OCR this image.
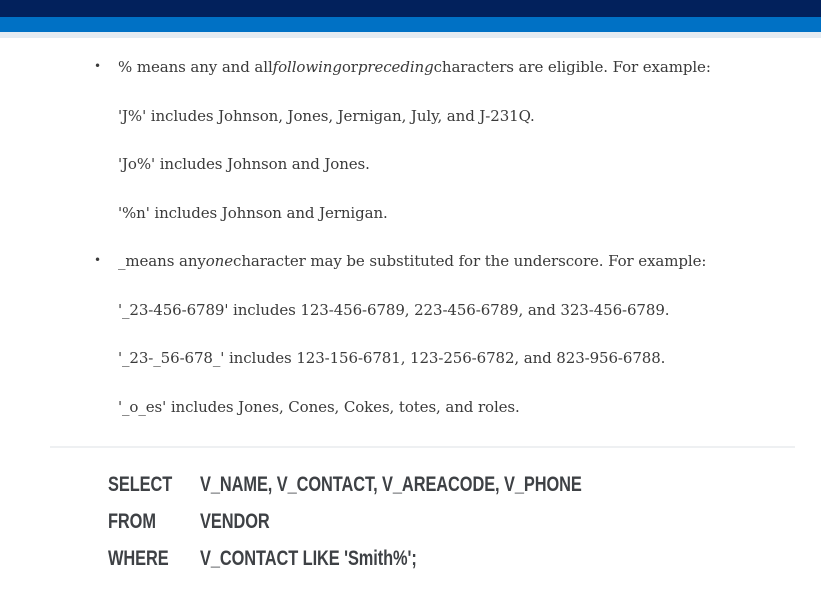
• % means any and all following or preceding characters are eligible. For example:
'J%' includes Johnson, Jones, Jernigan, July, and J-231Q.
'Jo%' includes Johnson and Jones.
'%n' includes Johnson and Jernigan.
• _means any one character may be substituted for the underscore. For example:
'_23-456-6789' includes 123-456-6789, 223-456-6789, and 323-456-6789.
'_23-_56-678_' includes 123-156-6781, 123-256-6782, and 823-956-6788.
'_o_es' includes Jones, Cones, Cokes, totes, and roles.
SELECT	V_NAME, V_CONTACT, V_AREACODE, V_PHONE
FROM	VENDOR
WHERE	V_CONTACT LIKE 'Smith%';
